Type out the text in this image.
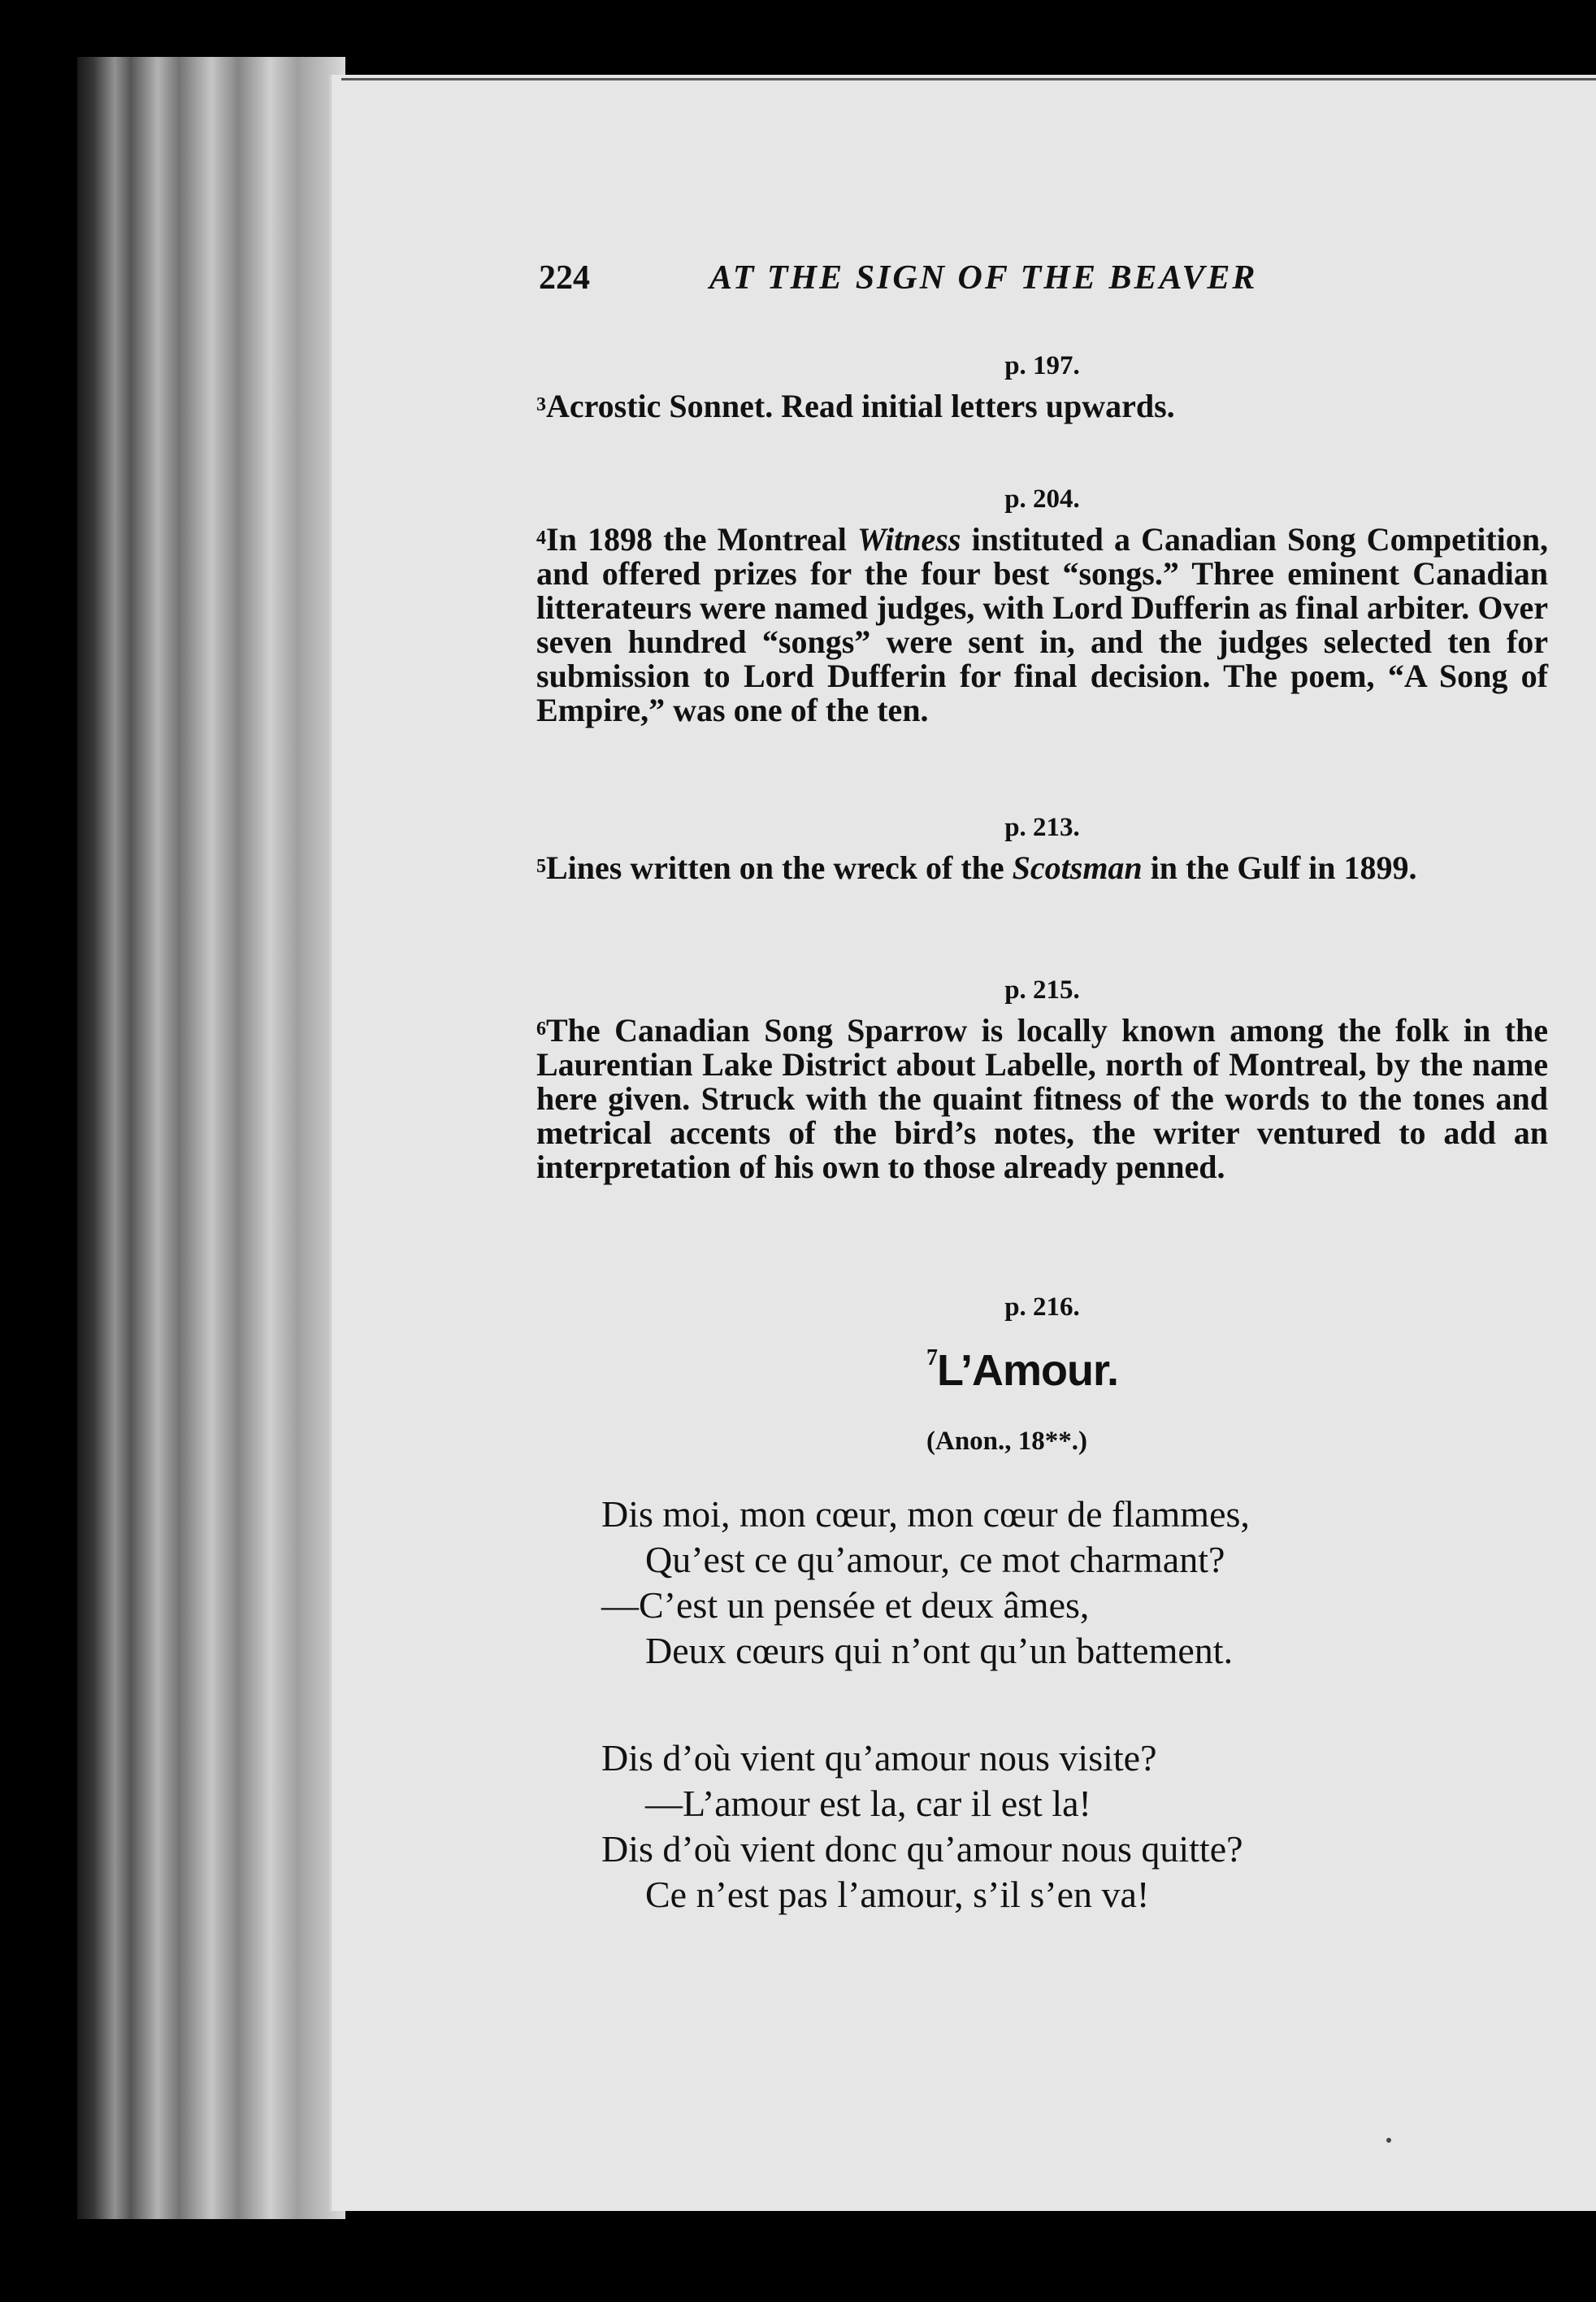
224	AT THE SIGN OF THE BEAVER
p. 197.
$^3$Acrostic Sonnet. Read initial letters upwards.
p. 204.
$^4$In 1898 the Montreal Witness instituted a Canadian Song Competition, and offered prizes for the four best “songs.” Three eminent Canadian litterateurs were named judges, with Lord Dufferin as final arbiter. Over seven hundred “songs” were sent in, and the judges selected ten for submission to Lord Dufferin for final decision. The poem, “A Song of Empire,” was one of the ten.
p. 213.
$^5$Lines written on the wreck of the Scotsman in the Gulf in 1899.
p. 215.
$^6$The Canadian Song Sparrow is locally known among the folk in the Laurentian Lake District about Labelle, north of Montreal, by the name here given. Struck with the quaint fitness of the words to the tones and metrical accents of the bird’s notes, the writer ventured to add an interpretation of his own to those already penned.
p. 216.
$^7$L’Amour.
(Anon., 18**.)
Dis moi, mon cœur, mon cœur de flammes,
Qu’est ce qu’amour, ce mot charmant?
—C’est un pensée et deux âmes,
Deux cœurs qui n’ont qu’un battement.
Dis d’où vient qu’amour nous visite?
—L’amour est la, car il est la!
Dis d’où vient donc qu’amour nous quitte?
Ce n’est pas l’amour, s’il s’en va!
